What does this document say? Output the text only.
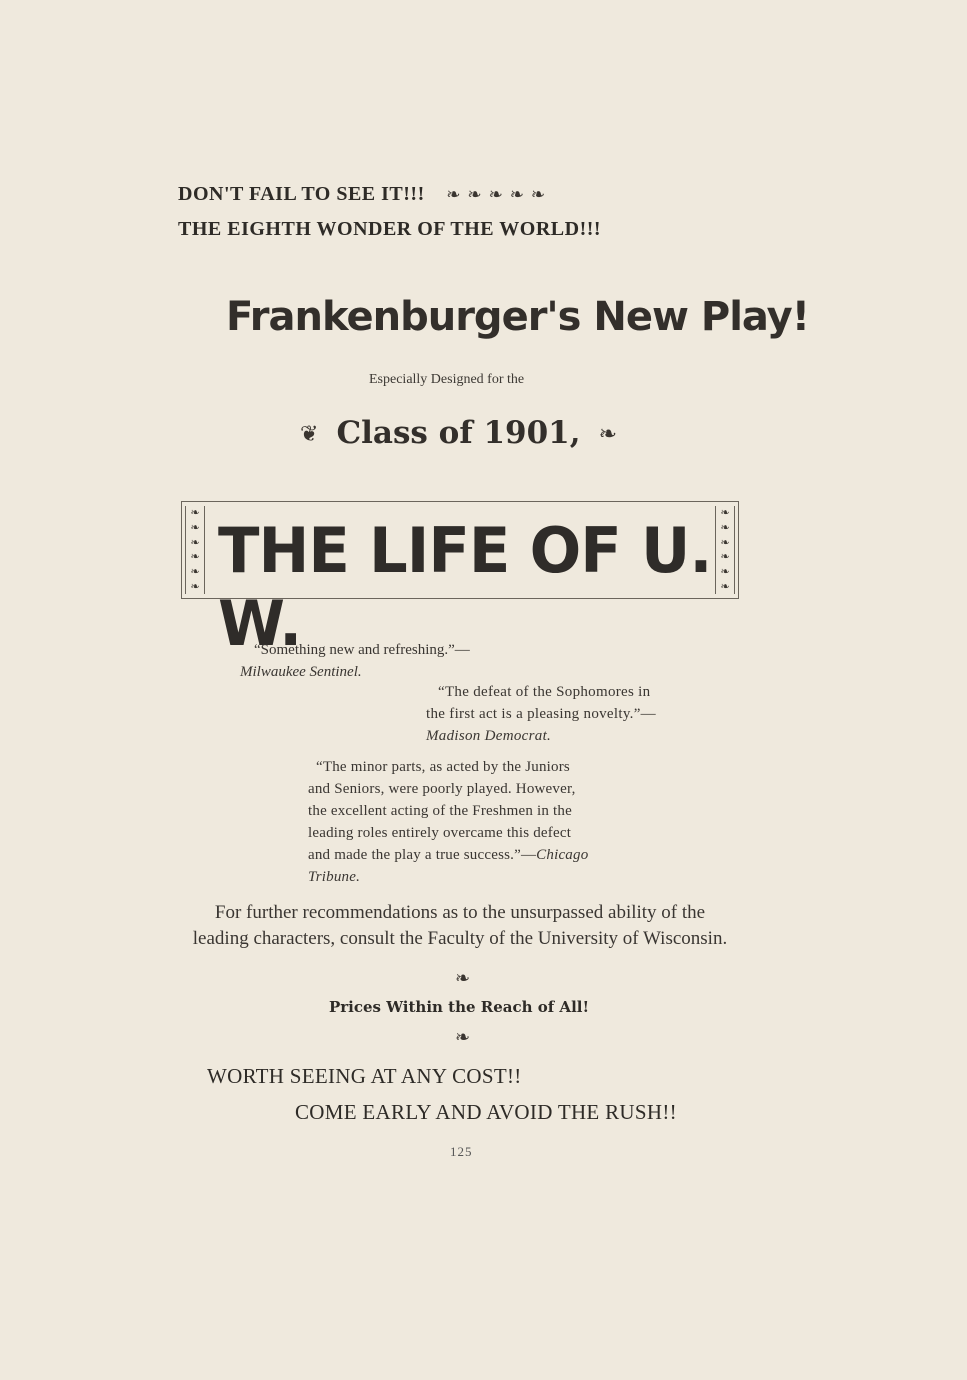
DON'T FAIL TO SEE IT!!! ❧ ❧ ❧ ❧ ❧
THE EIGHTH WONDER OF THE WORLD!!!
Frankenburger's New Play!
Especially Designed for the
❦ Class of 1901, ❧
❧
❧
❧
❧
❧
❧ THE LIFE OF U. W.
❧
❧
❧
❧
❧
❧
“Something new and refreshing.”—
Milwaukee Sentinel.
“The defeat of the Sophomores in
the first act is a pleasing novelty.”—
Madison Democrat.
“The minor parts, as acted by the Juniors
and Seniors, were poorly played. However,
the excellent acting of the Freshmen in the
leading roles entirely overcame this defect
and made the play a true success.”—Chicago
Tribune.
For further recommendations as to the unsurpassed ability of the
leading characters, consult the Faculty of the University of Wisconsin.
❧
Prices Within the Reach of All!
❧
WORTH SEEING AT ANY COST!!
COME EARLY AND AVOID THE RUSH!!
125
